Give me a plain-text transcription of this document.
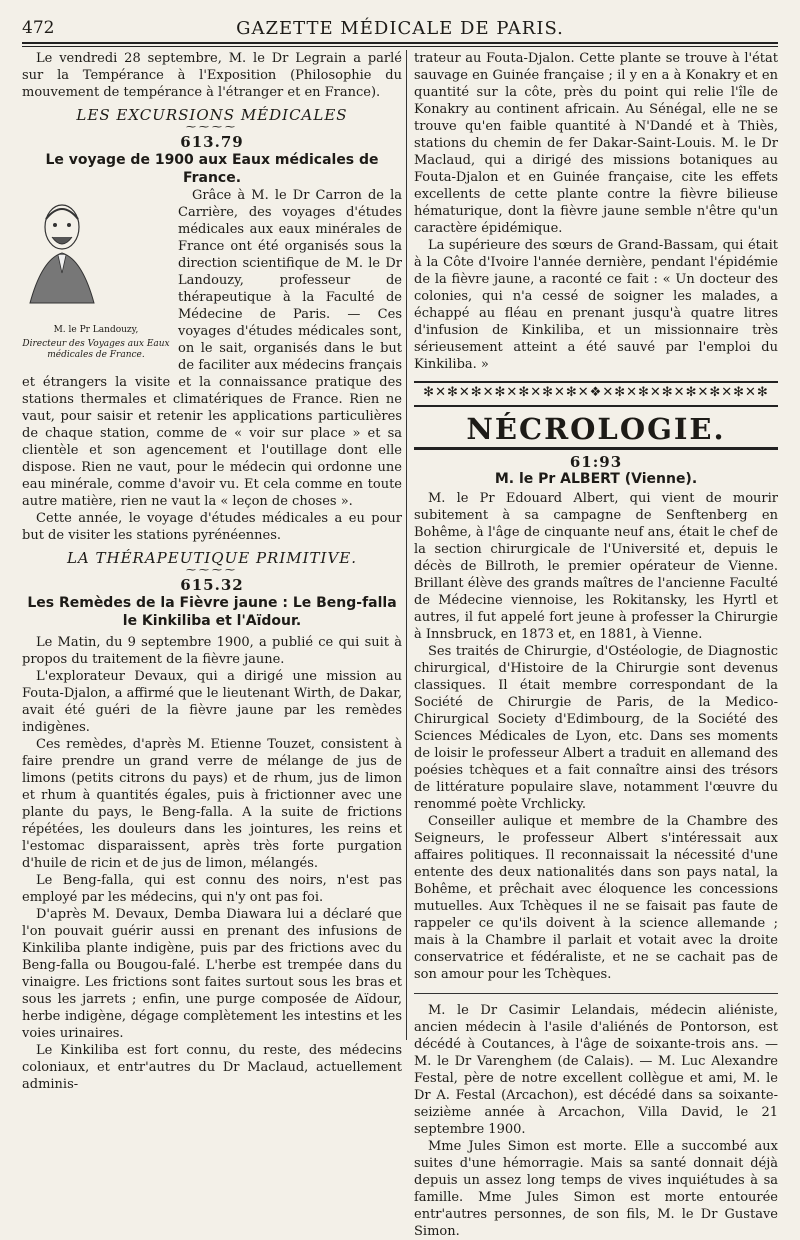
472	GAZETTE MÉDICALE DE PARIS.

Le vendredi 28 septembre, M. le Dr Legrain a parlé sur la Tempérance à l'Exposition (Philosophie du mouvement de tempérance à l'étranger et en France).

LES EXCURSIONS MÉDICALES
⁓⁓⁓⁓
613.79
Le voyage de 1900 aux Eaux médicales de France.
M. le Pr Landouzy,
Directeur des Voyages aux Eaux médicales de France.

Grâce à M. le Dr Carron de la Carrière, des voyages d'études médicales aux eaux minérales de France ont été organisés sous la direction scientifique de M. le Dr Landouzy, professeur de thérapeutique à la Faculté de Médecine de Paris. — Ces voyages d'études médicales sont, on le sait, organisés dans le but de faciliter aux médecins français et étrangers la visite et la connaissance pratique des stations thermales et climatériques de France. Rien ne vaut, pour saisir et retenir les applications particulières de chaque station, comme de « voir sur place » et sa clientèle et son agencement et l'outillage dont elle dispose. Rien ne vaut, pour le médecin qui ordonne une eau minérale, comme d'avoir vu. Et cela comme en toute autre matière, rien ne vaut la « leçon de choses ».

Cette année, le voyage d'études médicales a eu pour but de visiter les stations pyrénéennes.

LA THÉRAPEUTIQUE PRIMITIVE.
⁓⁓⁓⁓
615.32
Les Remèdes de la Fièvre jaune : Le Beng-falla le Kinkiliba et l'Aïdour.

Le Matin, du 9 septembre 1900, a publié ce qui suit à propos du traitement de la fièvre jaune.

L'explorateur Devaux, qui a dirigé une mission au Fouta-Djalon, a affirmé que le lieutenant Wirth, de Dakar, avait été guéri de la fièvre jaune par les remèdes indigènes.

Ces remèdes, d'après M. Etienne Touzet, consistent à faire prendre un grand verre de mélange de jus de limons (petits citrons du pays) et de rhum, jus de limon et rhum à quantités égales, puis à frictionner avec une plante du pays, le Beng-falla. A la suite de frictions répétées, les douleurs dans les jointures, les reins et l'estomac disparaissent, après très forte purgation d'huile de ricin et de jus de limon, mélangés.

Le Beng-falla, qui est connu des noirs, n'est pas employé par les médecins, qui n'y ont pas foi.

D'après M. Devaux, Demba Diawara lui a déclaré que l'on pouvait guérir aussi en prenant des infusions de Kinkiliba plante indigène, puis par des frictions avec du Beng-falla ou Bougou-falé. L'herbe est trempée dans du vinaigre. Les frictions sont faites surtout sous les bras et sous les jarrets ; enfin, une purge composée de Aïdour, herbe indigène, dégage complètement les intestins et les voies urinaires.

Le Kinkiliba est fort connu, du reste, des médecins coloniaux, et entr'autres du Dr Maclaud, actuellement adminis-

trateur au Fouta-Djalon. Cette plante se trouve à l'état sauvage en Guinée française ; il y en a à Konakry et en quantité sur la côte, près du point qui relie l'île de Konakry au continent africain. Au Sénégal, elle ne se trouve qu'en faible quantité à N'Dandé et à Thiès, stations du chemin de fer Dakar-Saint-Louis. M. le Dr Maclaud, qui a dirigé des missions botaniques au Fouta-Djalon et en Guinée française, cite les effets excellents de cette plante contre la fièvre bilieuse hématurique, dont la fièvre jaune semble n'être qu'un caractère épidémique.

La supérieure des sœurs de Grand-Bassam, qui était à la Côte d'Ivoire l'année dernière, pendant l'épidémie de la fièvre jaune, a raconté ce fait : « Un docteur des colonies, qui n'a cessé de soigner les malades, a échappé au fléau en prenant jusqu'à quatre litres d'infusion de Kinkiliba, et un missionnaire très sérieusement atteint a été sauvé par l'emploi du Kinkiliba. »

✻✕✻✕✻✕✻✕✻✕✻✕✻✕❖✕✻✕✻✕✻✕✻✕✻✕✻✕✻
NÉCROLOGIE.
61:93
M. le Pr ALBERT (Vienne).

M. le Pr Edouard Albert, qui vient de mourir subitement à sa campagne de Senftenberg en Bohême, à l'âge de cinquante neuf ans, était le chef de la section chirurgicale de l'Université et, depuis le décès de Billroth, le premier opérateur de Vienne. Brillant élève des grands maîtres de l'ancienne Faculté de Médecine viennoise, les Rokitansky, les Hyrtl et autres, il fut appelé fort jeune à professer la Chirurgie à Innsbruck, en 1873 et, en 1881, à Vienne.

Ses traités de Chirurgie, d'Ostéologie, de Diagnostic chirurgical, d'Histoire de la Chirurgie sont devenus classiques. Il était membre correspondant de la Société de Chirurgie de Paris, de la Medico-Chirurgical Society d'Edimbourg, de la Société des Sciences Médicales de Lyon, etc. Dans ses moments de loisir le professeur Albert a traduit en allemand des poésies tchèques et a fait connaître ainsi des trésors de littérature populaire slave, notamment l'œuvre du renommé poète Vrchlicky.

Conseiller aulique et membre de la Chambre des Seigneurs, le professeur Albert s'intéressait aux affaires politiques. Il reconnaissait la nécessité d'une entente des deux nationalités dans son pays natal, la Bohême, et prêchait avec éloquence les concessions mutuelles. Aux Tchèques il ne se faisait pas faute de rappeler ce qu'ils doivent à la science allemande ; mais à la Chambre il parlait et votait avec la droite conservatrice et fédéraliste, et ne se cachait pas de son amour pour les Tchèques.

M. le Dr Casimir Lelandais, médecin aliéniste, ancien médecin à l'asile d'aliénés de Pontorson, est décédé à Coutances, à l'âge de soixante-trois ans. — M. le Dr Varenghem (de Calais). — M. Luc Alexandre Festal, père de notre excellent collègue et ami, M. le Dr A. Festal (Arcachon), est décédé dans sa soixante-seizième année à Arcachon, Villa David, le 21 septembre 1900.

Mme Jules Simon est morte. Elle a succombé aux suites d'une hémorragie. Mais sa santé donnait déjà depuis un assez long temps de vives inquiétudes à sa famille. Mme Jules Simon est morte entourée entr'autres personnes, de son fils, M. le Dr Gustave Simon.
